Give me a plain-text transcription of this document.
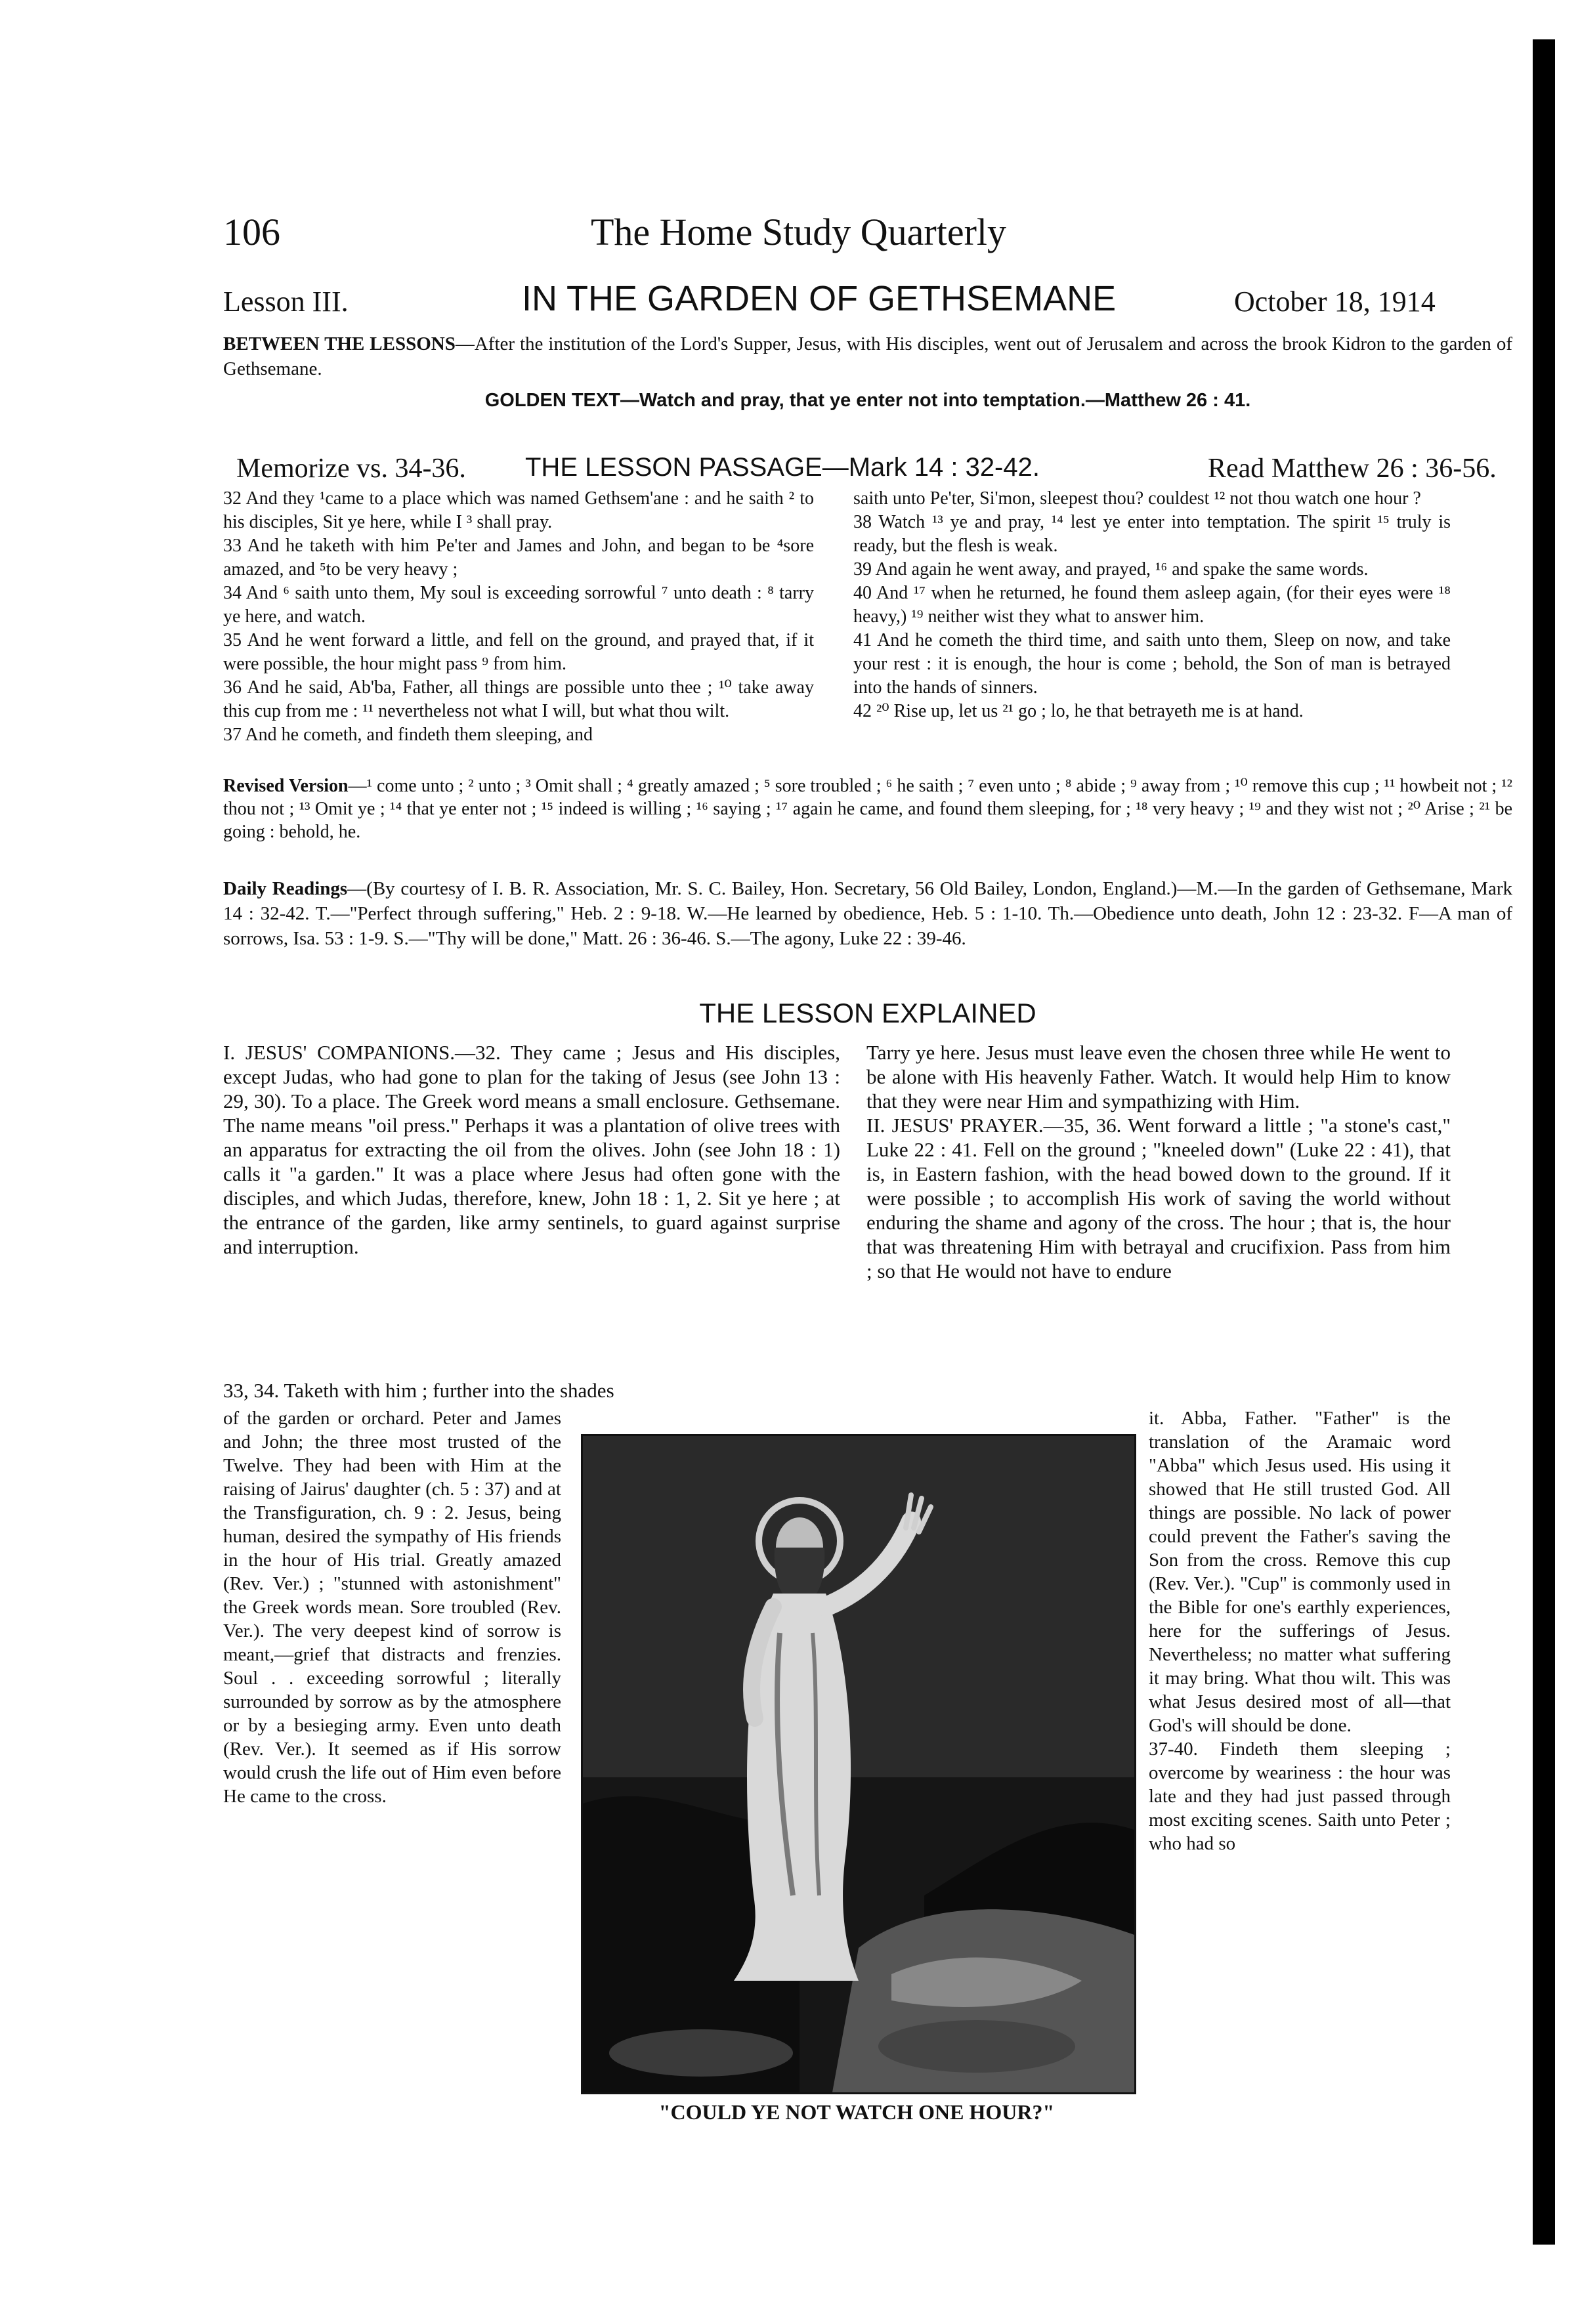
106	The Home Study Quarterly
Lesson III.	IN THE GARDEN OF GETHSEMANE	October 18, 1914
BETWEEN THE LESSONS—After the institution of the Lord's Supper, Jesus, with His disciples, went out of Jerusalem and across the brook Kidron to the garden of Gethsemane.
GOLDEN TEXT—Watch and pray, that ye enter not into temptation.—Matthew 26 : 41.
Memorize vs. 34-36. THE LESSON PASSAGE—Mark 14 : 32-42.	Read Matthew 26 : 36-56.
32 And they ¹came to a place which was named Gethsem'ane : and he saith ² to his disciples, Sit ye here, while I ³ shall pray.
33 And he taketh with him Pe'ter and James and John, and began to be ⁴sore amazed, and ⁵to be very heavy ;
34 And ⁶ saith unto them, My soul is exceeding sorrowful ⁷ unto death : ⁸ tarry ye here, and watch.
35 And he went forward a little, and fell on the ground, and prayed that, if it were possible, the hour might pass ⁹ from him.
36 And he said, Ab'ba, Father, all things are possible unto thee ; ¹⁰ take away this cup from me : ¹¹ nevertheless not what I will, but what thou wilt.
37 And he cometh, and findeth them sleeping, and
saith unto Pe'ter, Si'mon, sleepest thou? couldest ¹² not thou watch one hour ?
38 Watch ¹³ ye and pray, ¹⁴ lest ye enter into temptation. The spirit ¹⁵ truly is ready, but the flesh is weak.
39 And again he went away, and prayed, ¹⁶ and spake the same words.
40 And ¹⁷ when he returned, he found them asleep again, (for their eyes were ¹⁸ heavy,) ¹⁹ neither wist they what to answer him.
41 And he cometh the third time, and saith unto them, Sleep on now, and take your rest : it is enough, the hour is come ; behold, the Son of man is betrayed into the hands of sinners.
42 ²⁰ Rise up, let us ²¹ go ; lo, he that betrayeth me is at hand.
Revised Version—¹ come unto ; ² unto ; ³ Omit shall ; ⁴ greatly amazed ; ⁵ sore troubled ; ⁶ he saith ; ⁷ even unto ; ⁸ abide ; ⁹ away from ; ¹⁰ remove this cup ; ¹¹ howbeit not ; ¹² thou not ; ¹³ Omit ye ; ¹⁴ that ye enter not ; ¹⁵ indeed is willing ; ¹⁶ saying ; ¹⁷ again he came, and found them sleeping, for ; ¹⁸ very heavy ; ¹⁹ and they wist not ; ²⁰ Arise ; ²¹ be going : behold, he.
Daily Readings—(By courtesy of I. B. R. Association, Mr. S. C. Bailey, Hon. Secretary, 56 Old Bailey, London, England.)—M.—In the garden of Gethsemane, Mark 14 : 32-42. T.—"Perfect through suffering," Heb. 2 : 9-18. W.—He learned by obedience, Heb. 5 : 1-10. Th.—Obedience unto death, John 12 : 23-32. F—A man of sorrows, Isa. 53 : 1-9. S.—"Thy will be done," Matt. 26 : 36-46. S.—The agony, Luke 22 : 39-46.
THE LESSON EXPLAINED
I. JESUS' COMPANIONS.—32. They came ; Jesus and His disciples, except Judas, who had gone to plan for the taking of Jesus (see John 13 : 29, 30). To a place. The Greek word means a small enclosure. Gethsemane. The name means "oil press." Perhaps it was a plantation of olive trees with an apparatus for extracting the oil from the olives. John (see John 18 : 1) calls it "a garden." It was a place where Jesus had often gone with the disciples, and which Judas, therefore, knew, John 18 : 1, 2. Sit ye here ; at the entrance of the garden, like army sentinels, to guard against surprise and interruption.
Tarry ye here. Jesus must leave even the chosen three while He went to be alone with His heavenly Father. Watch. It would help Him to know that they were near Him and sympathizing with Him.
II. JESUS' PRAYER.—35, 36. Went forward a little ; "a stone's cast," Luke 22 : 41. Fell on the ground ; "kneeled down" (Luke 22 : 41), that is, in Eastern fashion, with the head bowed down to the ground. If it were possible ; to accomplish His work of saving the world without enduring the shame and agony of the cross. The hour ; that is, the hour that was threatening Him with betrayal and crucifixion. Pass from him ; so that He would not have to endure
33, 34. Taketh with him ; further into the shades
of the garden or orchard. Peter and James and John; the three most trusted of the Twelve. They had been with Him at the raising of Jairus' daughter (ch. 5 : 37) and at the Transfiguration, ch. 9 : 2. Jesus, being human, desired the sympathy of His friends in the hour of His trial. Greatly amazed (Rev. Ver.) ; "stunned with astonishment" the Greek words mean. Sore troubled (Rev. Ver.). The very deepest kind of sorrow is meant,—grief that distracts and frenzies. Soul . . exceeding sorrowful ; literally surrounded by sorrow as by the atmosphere or by a besieging army. Even unto death (Rev. Ver.). It seemed as if His sorrow would crush the life out of Him even before He came to the cross.
it. Abba, Father. "Father" is the translation of the Aramaic word "Abba" which Jesus used. His using it showed that He still trusted God. All things are possible. No lack of power could prevent the Father's saving the Son from the cross. Remove this cup (Rev. Ver.). "Cup" is commonly used in the Bible for one's earthly experiences, here for the sufferings of Jesus. Nevertheless; no matter what suffering it may bring. What thou wilt. This was what Jesus desired most of all—that God's will should be done.
37-40. Findeth them sleeping ; overcome by weariness : the hour was late and they had just passed through most exciting scenes. Saith unto Peter ; who had so
"COULD YE NOT WATCH ONE HOUR?"
